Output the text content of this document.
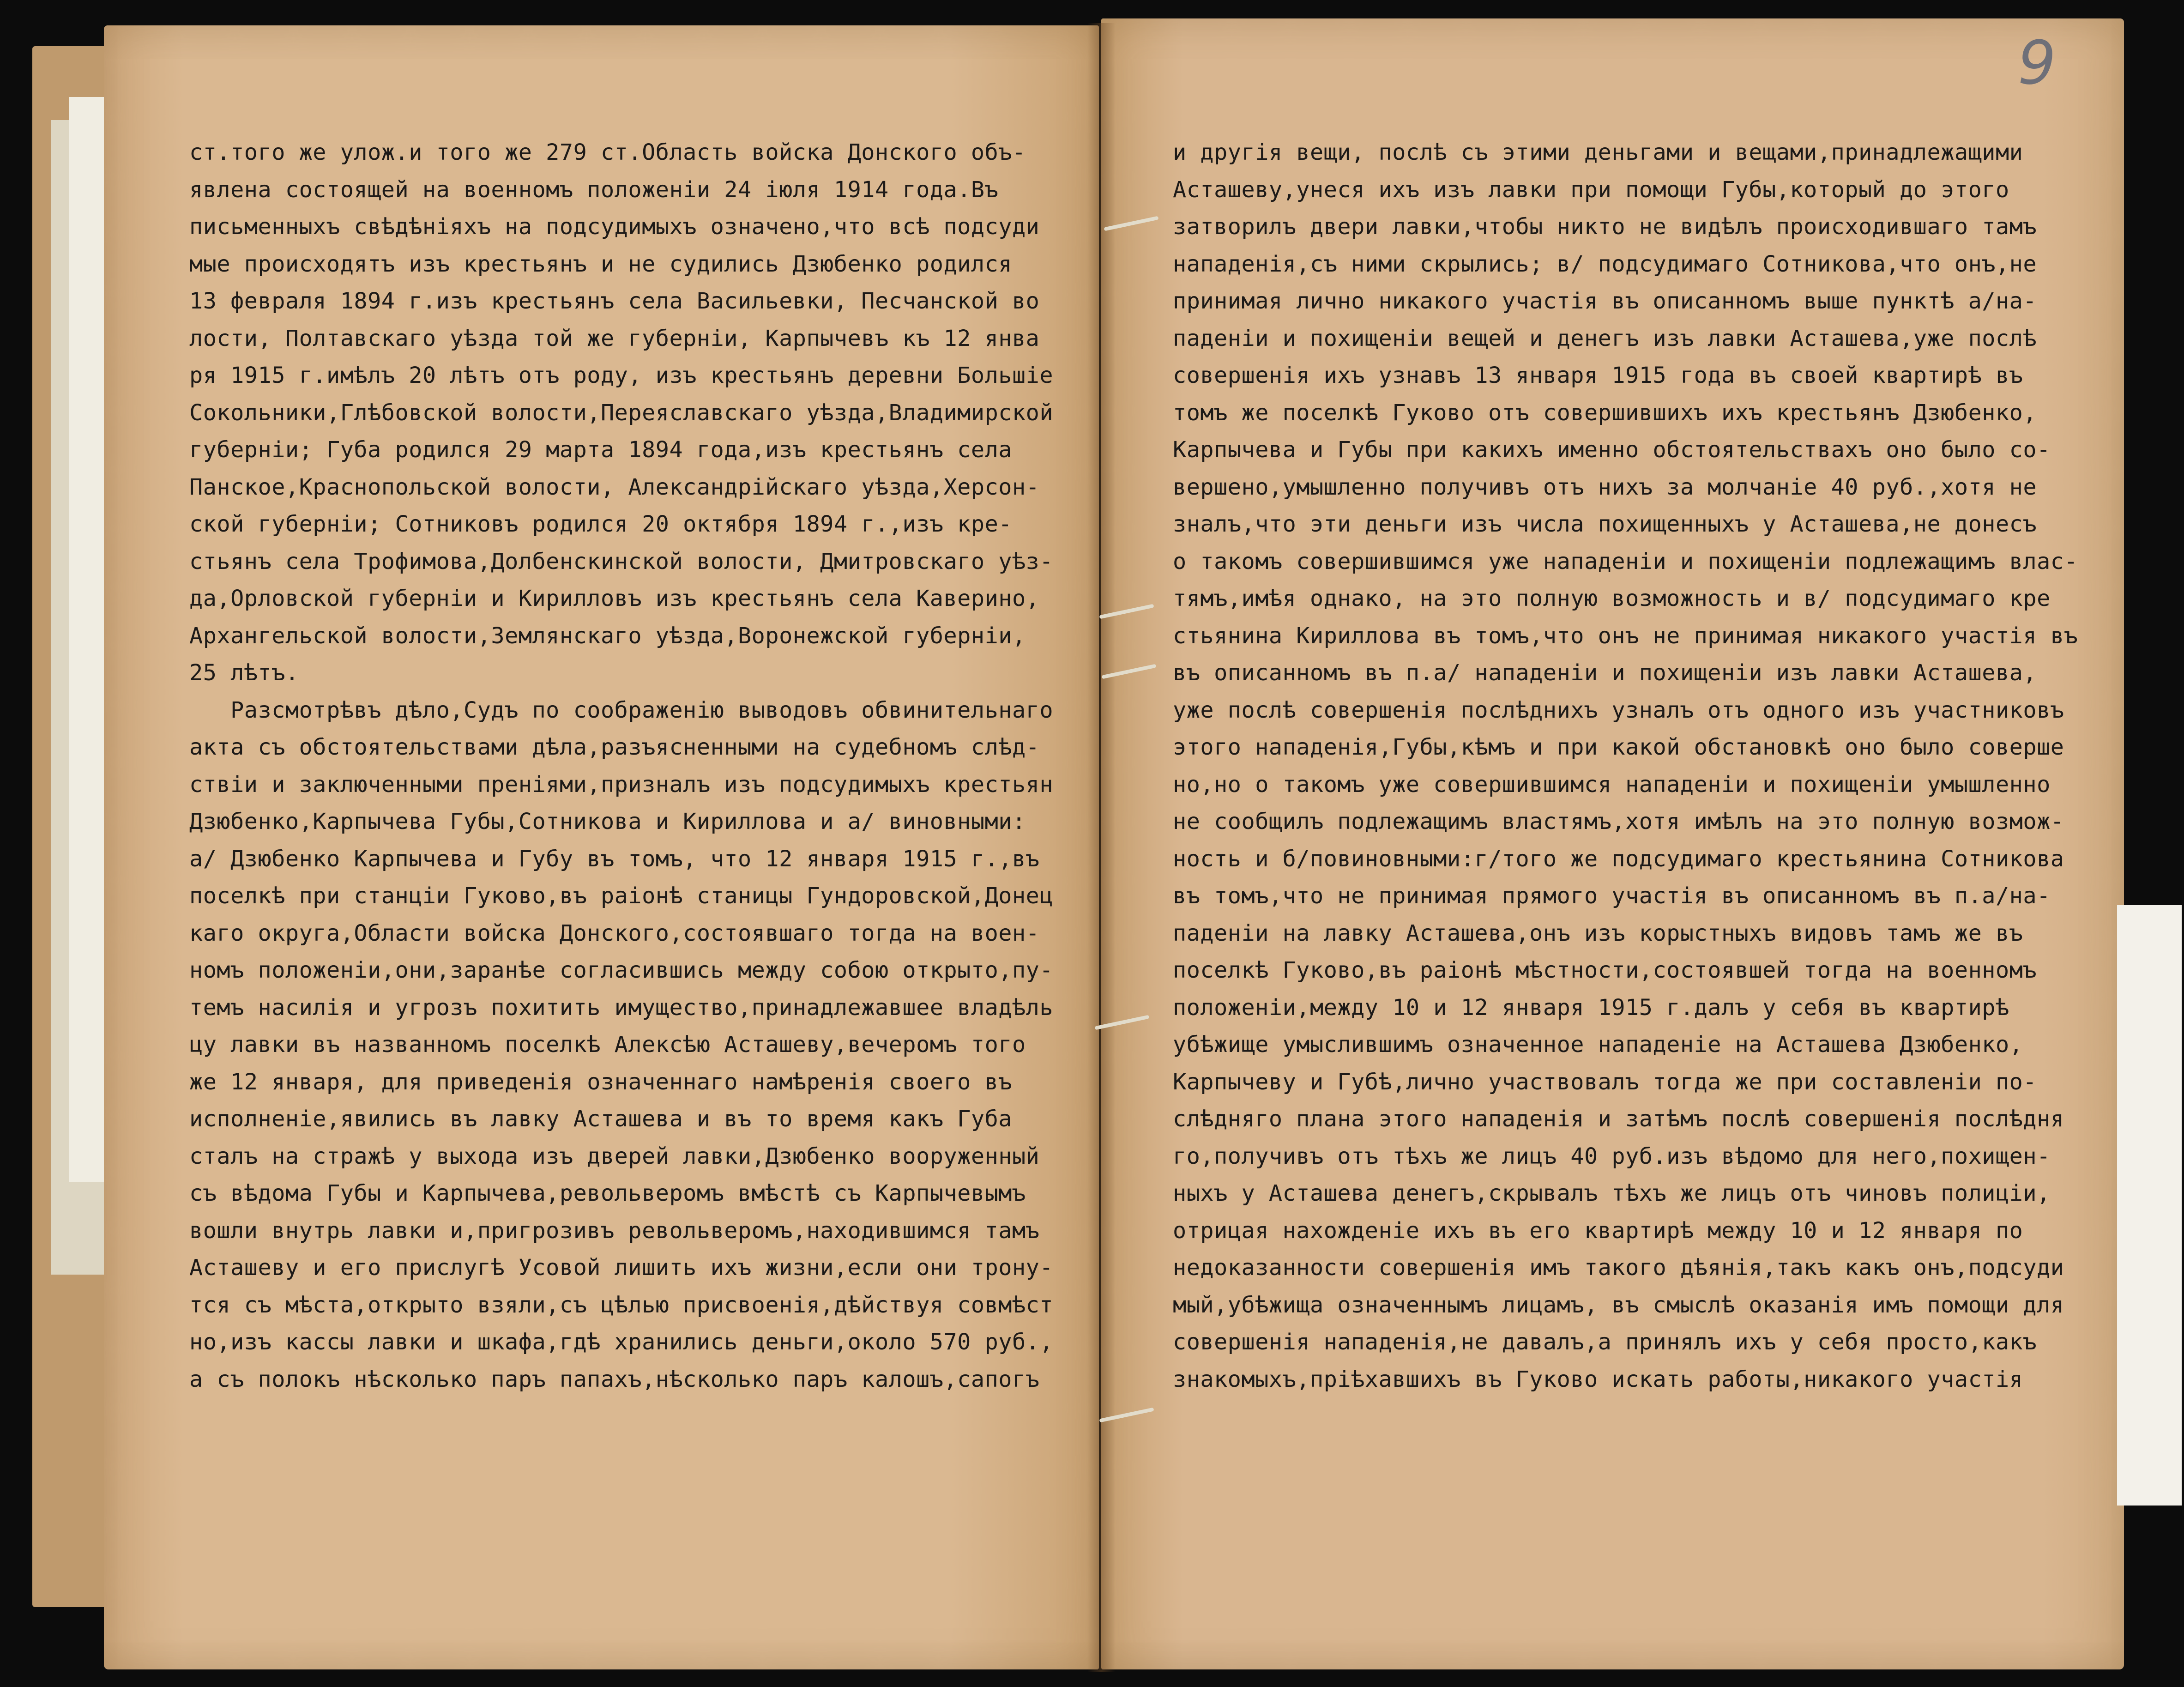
9
ст.того же улож.и того же 279 ст.Область войска Донского объ-
явлена состоящей на военномъ положенiи 24 iюля 1914 года.Въ
письменныхъ свѣдѣнiяхъ на подсудимыхъ означено,что всѣ подсуди
мые происходятъ изъ крестьянъ и не судились Дзюбенко родился
13 февраля 1894 г.изъ крестьянъ села Васильевки, Песчанской во
лости, Полтавскаго уѣзда той же губернiи, Карпычевъ къ 12 янва
ря 1915 г.имѣлъ 20 лѣтъ отъ роду, изъ крестьянъ деревни Большiе
Сокольники,Глѣбовской волости,Переяславскаго уѣзда,Владимирской
губернiи; Губа родился 29 марта 1894 года,изъ крестьянъ села
Панское,Краснопольской волости, Александрiйскаго уѣзда,Херсон-
ской губернiи; Сотниковъ родился 20 октября 1894 г.,изъ кре-
стьянъ села Трофимова,Долбенскинской волости, Дмитровскаго уѣз-
да,Орловской губернiи и Кирилловъ изъ крестьянъ села Каверино,
Архангельской волости,Землянскаго уѣзда,Воронежской губернiи,
25 лѣтъ.
Разсмотрѣвъ дѣло,Судъ по соображенiю выводовъ обвинительнаго
акта съ обстоятельствами дѣла,разъясненными на судебномъ слѣд-
ствiи и заключенными пренiями,призналъ изъ подсудимыхъ крестьян
Дзюбенко,Карпычева Губы,Сотникова и Кириллова и а/ виновными:
а/ Дзюбенко Карпычева и Губу въ томъ, что 12 января 1915 г.,въ
поселкѣ при станцiи Гуково,въ раiонѣ станицы Гундоровской,Донец
каго округа,Области войска Донского,состоявшаго тогда на воен-
номъ положенiи,они,заранѣе согласившись между собою открыто,пу-
темъ насилiя и угрозъ похитить имущество,принадлежавшее владѣль
цу лавки въ названномъ поселкѣ Алексѣю Асташеву,вечеромъ того
же 12 января, для приведенiя означеннаго намѣренiя своего въ
исполненiе,явились въ лавку Асташева и въ то время какъ Губа
сталъ на стражѣ у выхода изъ дверей лавки,Дзюбенко вооруженный
съ вѣдома Губы и Карпычева,револьверомъ вмѣстѣ съ Карпычевымъ
вошли внутрь лавки и,пригрозивъ револьверомъ,находившимся тамъ
Асташеву и его прислугѣ Усовой лишить ихъ жизни,если они трону-
тся съ мѣста,открыто взяли,съ цѣлью присвоенiя,дѣйствуя совмѣст
но,изъ кассы лавки и шкафа,гдѣ хранились деньги,около 570 руб.,
а съ полокъ нѣсколько паръ папахъ,нѣсколько паръ калошъ,сапогъ
и другiя вещи, послѣ съ этими деньгами и вещами,принадлежащими
Асташеву,унеся ихъ изъ лавки при помощи Губы,который до этого
затворилъ двери лавки,чтобы никто не видѣлъ происходившаго тамъ
нападенiя,съ ними скрылись; в/ подсудимаго Сотникова,что онъ,не
принимая лично никакого участiя въ описанномъ выше пунктѣ а/на-
паденiи и похищенiи вещей и денегъ изъ лавки Асташева,уже послѣ
совершенiя ихъ узнавъ 13 января 1915 года въ своей квартирѣ въ
томъ же поселкѣ Гуково отъ совершившихъ ихъ крестьянъ Дзюбенко,
Карпычева и Губы при какихъ именно обстоятельствахъ оно было со-
вершено,умышленно получивъ отъ нихъ за молчанiе 40 руб.,хотя не
зналъ,что эти деньги изъ числа похищенныхъ у Асташева,не донесъ
о такомъ совершившимся уже нападенiи и похищенiи подлежащимъ влас-
тямъ,имѣя однако, на это полную возможность и в/ подсудимаго кре
стьянина Кириллова въ томъ,что онъ не принимая никакого участiя въ
въ описанномъ въ п.а/ нападенiи и похищенiи изъ лавки Асташева,
уже послѣ совершенiя послѣднихъ узналъ отъ одного изъ участниковъ
этого нападенiя,Губы,кѣмъ и при какой обстановкѣ оно было соверше
но,но о такомъ уже совершившимся нападенiи и похищенiи умышленно
не сообщилъ подлежащимъ властямъ,хотя имѣлъ на это полную возмож-
ность и б/повиновными:г/того же подсудимаго крестьянина Сотникова
въ томъ,что не принимая прямого участiя въ описанномъ въ п.а/на-
паденiи на лавку Асташева,онъ изъ корыстныхъ видовъ тамъ же въ
поселкѣ Гуково,въ раiонѣ мѣстности,состоявшей тогда на военномъ
положенiи,между 10 и 12 января 1915 г.далъ у себя въ квартирѣ
убѣжище умыслившимъ означенное нападенiе на Асташева Дзюбенко,
Карпычеву и Губѣ,лично участвовалъ тогда же при составленiи по-
слѣдняго плана этого нападенiя и затѣмъ послѣ совершенiя послѣдня
го,получивъ отъ тѣхъ же лицъ 40 руб.изъ вѣдомо для него,похищен-
ныхъ у Асташева денегъ,скрывалъ тѣхъ же лицъ отъ чиновъ полицiи,
отрицая нахожденiе ихъ въ его квартирѣ между 10 и 12 января по
недоказанности совершенiя имъ такого дѣянiя,такъ какъ онъ,подсуди
мый,убѣжища означеннымъ лицамъ, въ смыслѣ оказанiя имъ помощи для
совершенiя нападенiя,не давалъ,а принялъ ихъ у себя просто,какъ
знакомыхъ,прiѣхавшихъ въ Гуково искать работы,никакого участiя
